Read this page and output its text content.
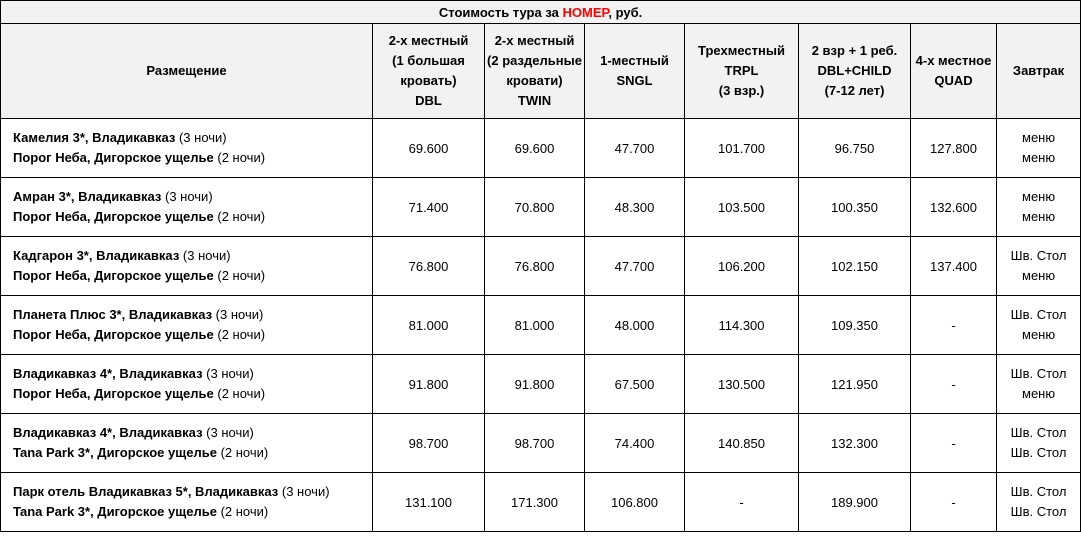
Стоимость тура за НОМЕР, руб.							
Размещение	2-х местный
(1 большая
кровать)
DBL	2-х местный
(2 раздельные
кровати)
TWIN	1-местный
SNGL	Трехместный
TRPL
(3 взр.)	2 взр + 1 реб.
DBL+CHILD
(7-12 лет)	4-х местное
QUAD	Завтрак

Камелия 3*, Владикавказ (3 ночи)
Порог Неба, Дигорское ущелье (2 ночи)	69.600	69.600	47.700	101.700	96.750	127.800	меню
меню

Амран 3*, Владикавказ (3 ночи)
Порог Неба, Дигорское ущелье (2 ночи)	71.400	70.800	48.300	103.500	100.350	132.600	меню
меню

Кадгарон 3*, Владикавказ (3 ночи)
Порог Неба, Дигорское ущелье (2 ночи)	76.800	76.800	47.700	106.200	102.150	137.400	Шв. Стол
меню

Планета Плюс 3*, Владикавказ (3 ночи)
Порог Неба, Дигорское ущелье (2 ночи)	81.000	81.000	48.000	114.300	109.350	-	Шв. Стол
меню

Владикавказ 4*, Владикавказ (3 ночи)
Порог Неба, Дигорское ущелье (2 ночи)	91.800	91.800	67.500	130.500	121.950	-	Шв. Стол
меню

Владикавказ 4*, Владикавказ (3 ночи)
Tana Park 3*, Дигорское ущелье (2 ночи)	98.700	98.700	74.400	140.850	132.300	-	Шв. Стол
Шв. Стол

Парк отель Владикавказ 5*, Владикавказ (3 ночи)
Tana Park 3*, Дигорское ущелье (2 ночи)	131.100	171.300	106.800	-	189.900	-	Шв. Стол
Шв. Стол
